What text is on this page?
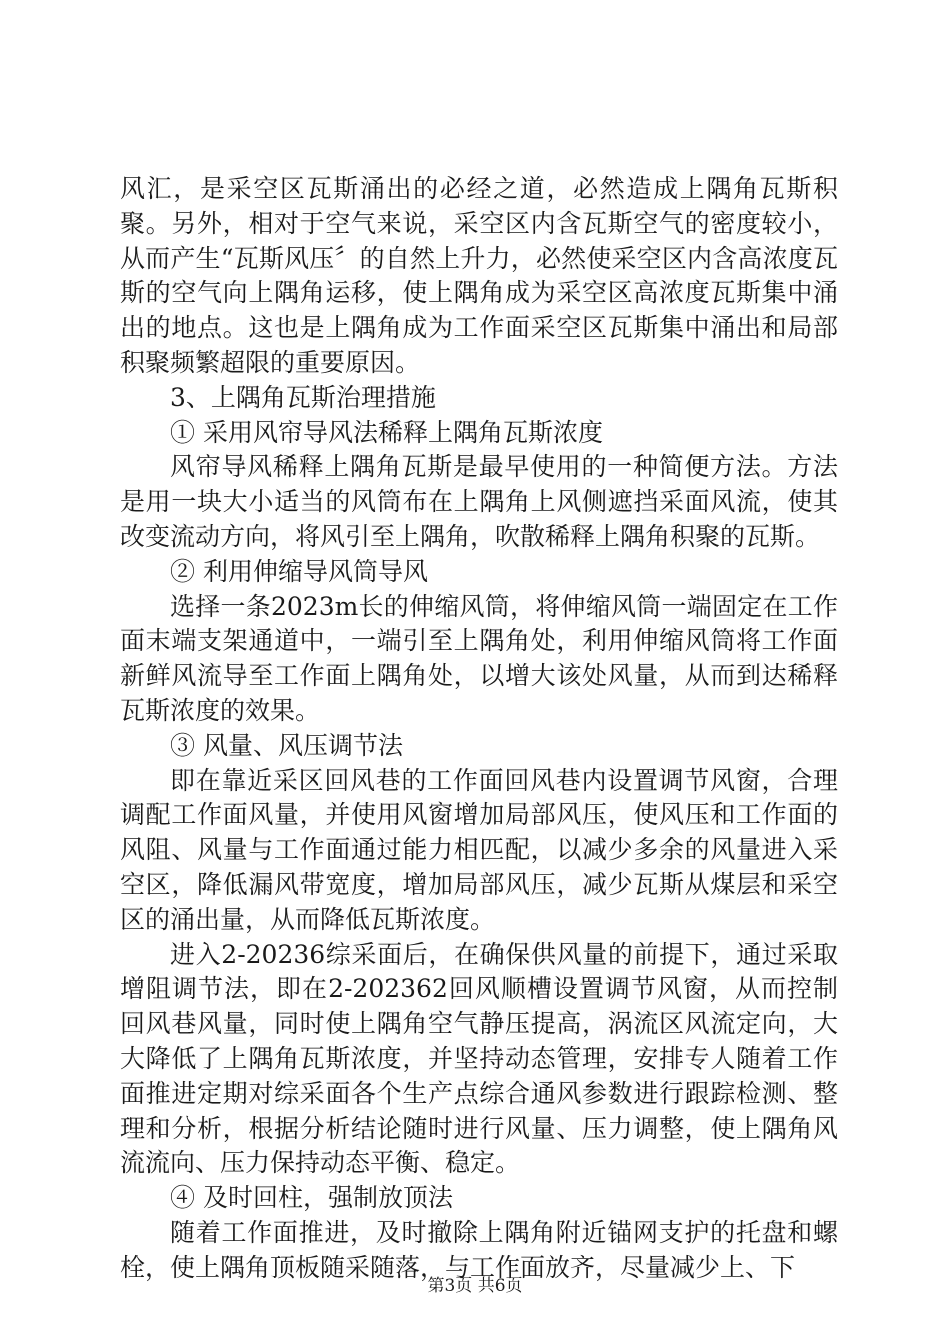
风汇，是采空区瓦斯涌出的必经之道，必然造成上隅角瓦斯积聚。另外，相对于空气来说，采空区内含瓦斯空气的密度较小，从而产生“瓦斯风压〞的自然上升力，必然使采空区内含高浓度瓦斯的空气向上隅角运移，使上隅角成为采空区高浓度瓦斯集中涌出的地点。这也是上隅角成为工作面采空区瓦斯集中涌出和局部积聚频繁超限的重要原因。

3、上隅角瓦斯治理措施

① 采用风帘导风法稀释上隅角瓦斯浓度

风帘导风稀释上隅角瓦斯是最早使用的一种简便方法。方法是用一块大小适当的风筒布在上隅角上风侧遮挡采面风流，使其改变流动方向，将风引至上隅角，吹散稀释上隅角积聚的瓦斯。

② 利用伸缩导风筒导风

选择一条2023m长的伸缩风筒，将伸缩风筒一端固定在工作面末端支架通道中，一端引至上隅角处，利用伸缩风筒将工作面新鲜风流导至工作面上隅角处，以增大该处风量，从而到达稀释瓦斯浓度的效果。

③ 风量、风压调节法

即在靠近采区回风巷的工作面回风巷内设置调节风窗，合理调配工作面风量，并使用风窗增加局部风压，使风压和工作面的风阻、风量与工作面通过能力相匹配，以减少多余的风量进入采空区，降低漏风带宽度，增加局部风压，减少瓦斯从煤层和采空区的涌出量，从而降低瓦斯浓度。

进入2-20236综采面后，在确保供风量的前提下，通过采取增阻调节法，即在2-202362回风顺槽设置调节风窗，从而控制回风巷风量，同时使上隅角空气静压提高，涡流区风流定向，大大降低了上隅角瓦斯浓度，并坚持动态管理，安排专人随着工作面推进定期对综采面各个生产点综合通风参数进行跟踪检测、整理和分析，根据分析结论随时进行风量、压力调整，使上隅角风流流向、压力保持动态平衡、稳定。

④ 及时回柱，强制放顶法

随着工作面推进，及时撤除上隅角附近锚网支护的托盘和螺栓，使上隅角顶板随采随落，与工作面放齐，尽量减少上、下

第3页 共6页
